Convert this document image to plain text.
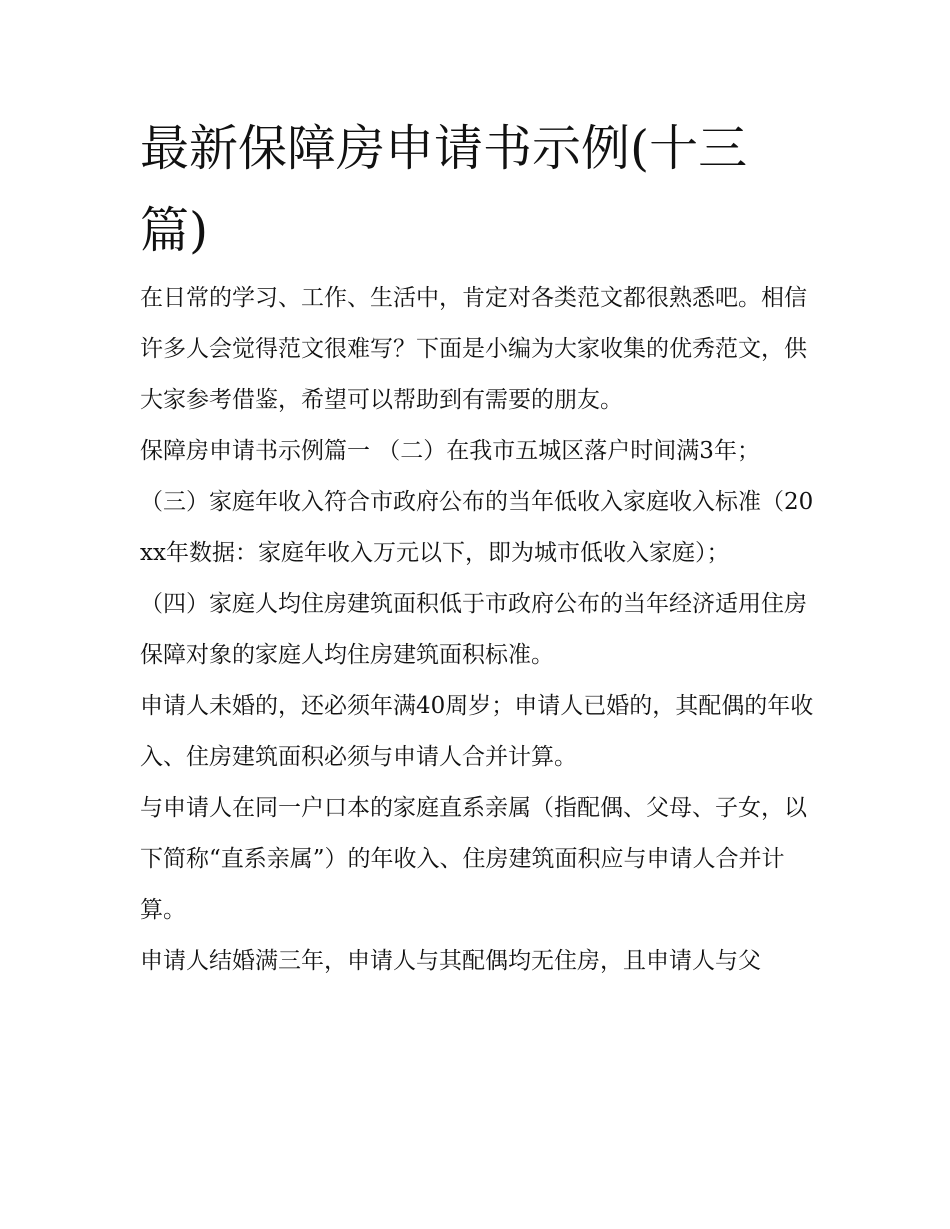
最新保障房申请书示例(十三篇)

在日常的学习、工作、生活中，肯定对各类范文都很熟悉吧。相信许多人会觉得范文很难写？下面是小编为大家收集的优秀范文，供大家参考借鉴，希望可以帮助到有需要的朋友。

保障房申请书示例篇一 （二）在我市五城区落户时间满3年；

（三）家庭年收入符合市政府公布的当年低收入家庭收入标准（20xx年数据：家庭年收入万元以下，即为城市低收入家庭）；

（四）家庭人均住房建筑面积低于市政府公布的当年经济适用住房保障对象的家庭人均住房建筑面积标准。

申请人未婚的，还必须年满40周岁；申请人已婚的，其配偶的年收入、住房建筑面积必须与申请人合并计算。

与申请人在同一户口本的家庭直系亲属（指配偶、父母、子女，以下简称“直系亲属”）的年收入、住房建筑面积应与申请人合并计算。

申请人结婚满三年，申请人与其配偶均无住房，且申请人与父
